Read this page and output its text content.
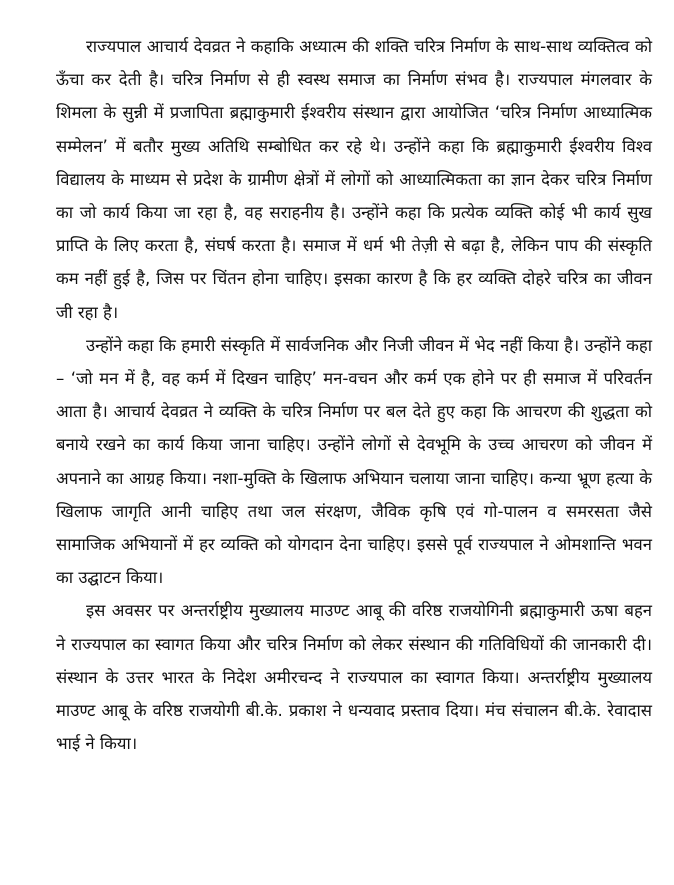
राज्यपाल आचार्य देवव्रत ने कहाकि अध्यात्म की शक्ति चरित्र निर्माण के साथ-साथ व्यक्तित्व को ऊँचा कर देती है। चरित्र निर्माण से ही स्वस्थ समाज का निर्माण संभव है। राज्यपाल मंगलवार के शिमला के सुन्नी में प्रजापिता ब्रह्माकुमारी ईश्वरीय संस्थान द्वारा आयोजित ‘चरित्र निर्माण आध्यात्मिक सम्मेलन’ में बतौर मुख्य अतिथि सम्बोधित कर रहे थे। उन्होंने कहा कि ब्रह्माकुमारी ईश्वरीय विश्व विद्यालय के माध्यम से प्रदेश के ग्रामीण क्षेत्रों में लोगों को आध्यात्मिकता का ज्ञान देकर चरित्र निर्माण का जो कार्य किया जा रहा है, वह सराहनीय है। उन्होंने कहा कि प्रत्येक व्यक्ति कोई भी कार्य सुख प्राप्ति के लिए करता है, संघर्ष करता है। समाज में धर्म भी तेज़ी से बढ़ा है, लेकिन पाप की संस्कृति कम नहीं हुई है, जिस पर चिंतन होना चाहिए। इसका कारण है कि हर व्यक्ति दोहरे चरित्र का जीवन जी रहा है।

उन्होंने कहा कि हमारी संस्कृति में सार्वजनिक और निजी जीवन में भेद नहीं किया है। उन्होंने कहा – ‘जो मन में है, वह कर्म में दिखन चाहिए’ मन-वचन और कर्म एक होने पर ही समाज में परिवर्तन आता है। आचार्य देवव्रत ने व्यक्ति के चरित्र निर्माण पर बल देते हुए कहा कि आचरण की शुद्धता को बनाये रखने का कार्य किया जाना चाहिए। उन्होंने लोगों से देवभूमि के उच्च आचरण को जीवन में अपनाने का आग्रह किया। नशा-मुक्ति के खिलाफ अभियान चलाया जाना चाहिए। कन्या भ्रूण हत्या के खिलाफ जागृति आनी चाहिए तथा जल संरक्षण, जैविक कृषि एवं गो-पालन व समरसता जैसे सामाजिक अभियानों में हर व्यक्ति को योगदान देना चाहिए। इससे पूर्व राज्यपाल ने ओमशान्ति भवन का उद्घाटन किया।

इस अवसर पर अन्तर्राष्ट्रीय मुख्यालय माउण्ट आबू की वरिष्ठ राजयोगिनी ब्रह्माकुमारी ऊषा बहन ने राज्यपाल का स्वागत किया और चरित्र निर्माण को लेकर संस्थान की गतिविधियों की जानकारी दी। संस्थान के उत्तर भारत के निदेश अमीरचन्द ने राज्यपाल का स्वागत किया। अन्तर्राष्ट्रीय मुख्यालय माउण्ट आबू के वरिष्ठ राजयोगी बी.के. प्रकाश ने धन्यवाद प्रस्ताव दिया। मंच संचालन बी.के. रेवादास भाई ने किया।
